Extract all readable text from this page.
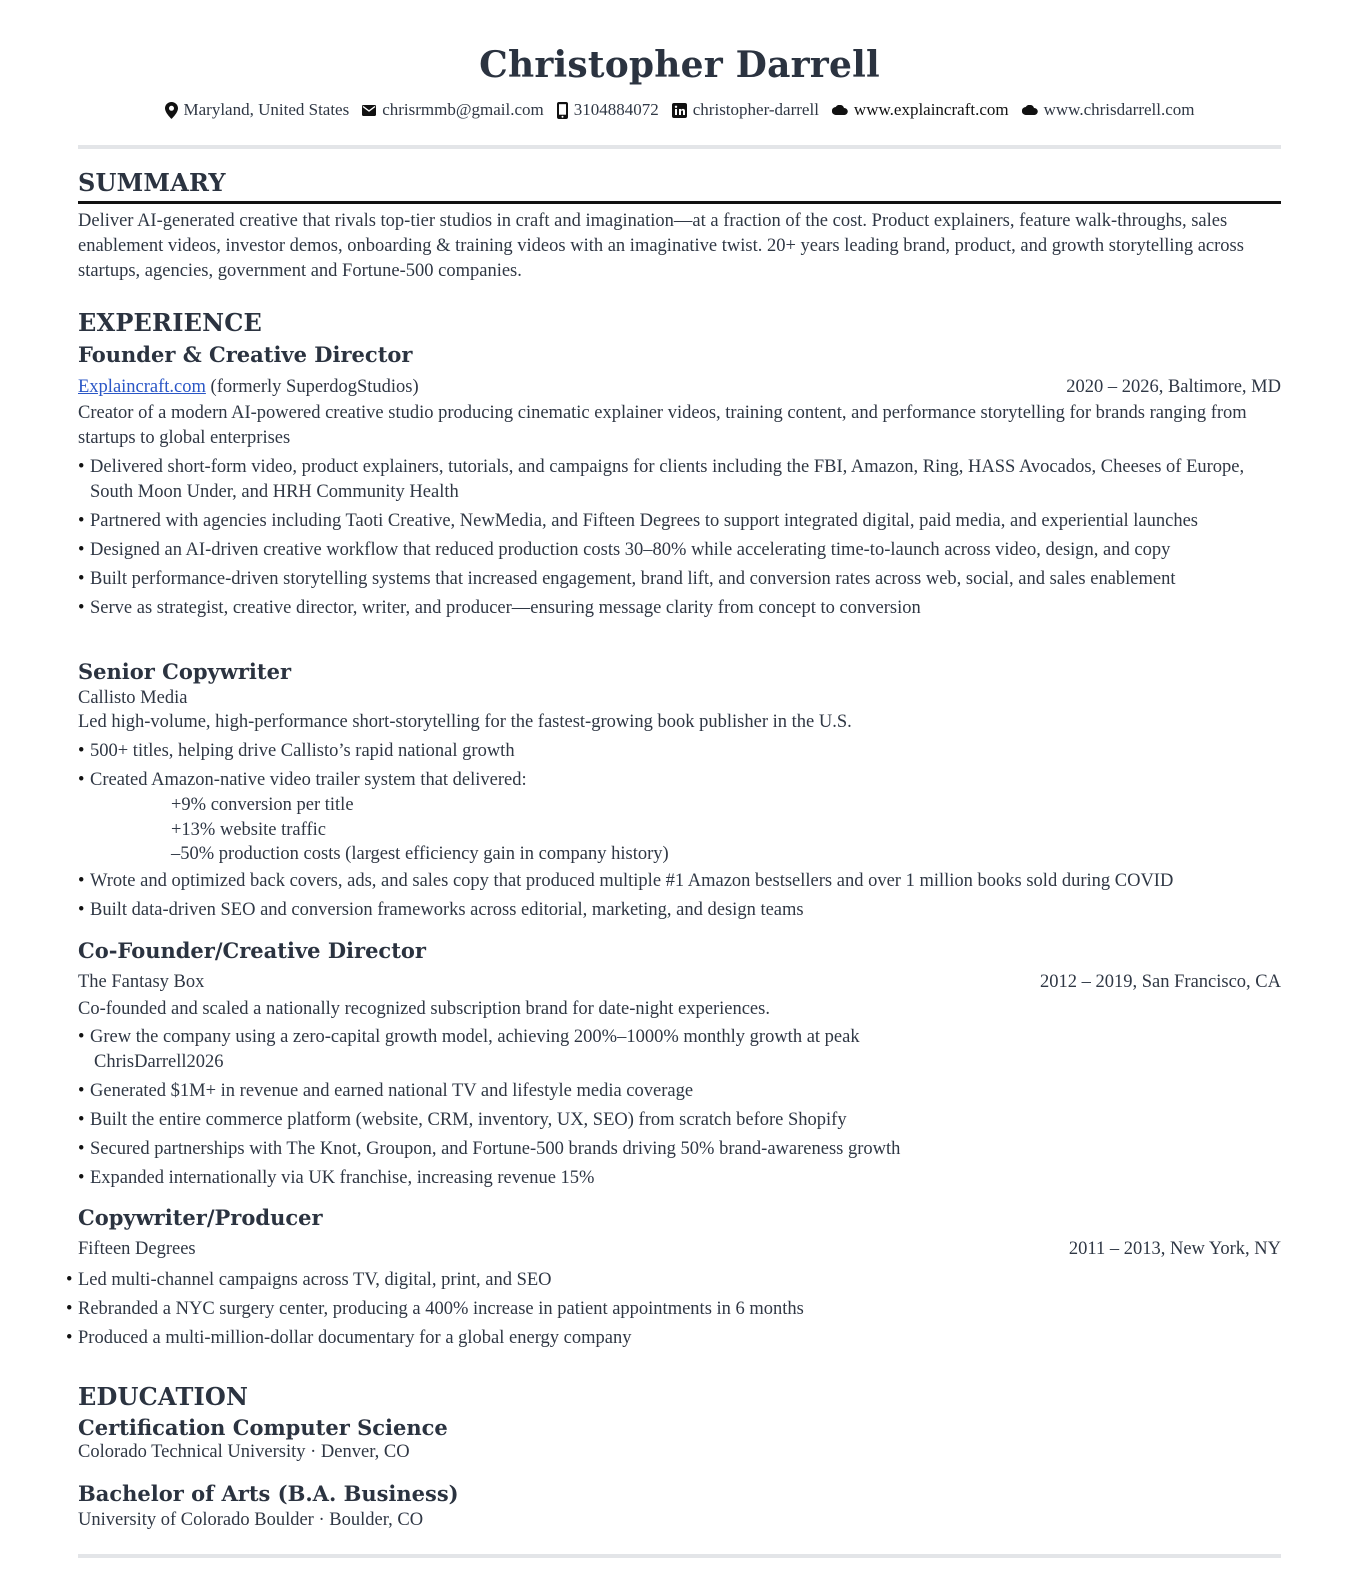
Christopher Darrell
Maryland, United States chrisrmmb@gmail.com 3104884072 christopher-darrell www.explaincraft.com www.chrisdarrell.com
SUMMARY
Deliver AI-generated creative that rivals top-tier studios in craft and imagination—at a fraction of the cost. Product explainers, feature walk-throughs, sales enablement videos, investor demos, onboarding & training videos with an imaginative twist. 20+ years leading brand, product, and growth storytelling across startups, agencies, government and Fortune-500 companies.
EXPERIENCE
Founder & Creative Director
Explaincraft.com (formerly SuperdogStudios)	2020 – 2026, Baltimore, MD
Creator of a modern AI-powered creative studio producing cinematic explainer videos, training content, and performance storytelling for brands ranging from startups to global enterprises
• Delivered short-form video, product explainers, tutorials, and campaigns for clients including the FBI, Amazon, Ring, HASS Avocados, Cheeses of Europe, South Moon Under, and HRH Community Health
• Partnered with agencies including Taoti Creative, NewMedia, and Fifteen Degrees to support integrated digital, paid media, and experiential launches
• Designed an AI-driven creative workflow that reduced production costs 30–80% while accelerating time-to-launch across video, design, and copy
• Built performance-driven storytelling systems that increased engagement, brand lift, and conversion rates across web, social, and sales enablement
• Serve as strategist, creative director, writer, and producer—ensuring message clarity from concept to conversion
Senior Copywriter
Callisto Media
Led high-volume, high-performance short-storytelling for the fastest-growing book publisher in the U.S.
• 500+ titles, helping drive Callisto’s rapid national growth
• Created Amazon-native video trailer system that delivered:
+9% conversion per title
+13% website traffic
–50% production costs (largest efficiency gain in company history)
• Wrote and optimized back covers, ads, and sales copy that produced multiple #1 Amazon bestsellers and over 1 million books sold during COVID
• Built data-driven SEO and conversion frameworks across editorial, marketing, and design teams
Co-Founder/Creative Director
The Fantasy Box	2012 – 2019, San Francisco, CA
Co-founded and scaled a nationally recognized subscription brand for date-night experiences.
• Grew the company using a zero-capital growth model, achieving 200%–1000% monthly growth at peak
ChrisDarrell2026
• Generated $1M+ in revenue and earned national TV and lifestyle media coverage
• Built the entire commerce platform (website, CRM, inventory, UX, SEO) from scratch before Shopify
• Secured partnerships with The Knot, Groupon, and Fortune-500 brands driving 50% brand-awareness growth
• Expanded internationally via UK franchise, increasing revenue 15%
Copywriter/Producer
Fifteen Degrees	2011 – 2013, New York, NY
• Led multi-channel campaigns across TV, digital, print, and SEO
• Rebranded a NYC surgery center, producing a 400% increase in patient appointments in 6 months
• Produced a multi-million-dollar documentary for a global energy company
EDUCATION
Certification Computer Science
Colorado Technical University · Denver, CO
Bachelor of Arts (B.A. Business)
University of Colorado Boulder · Boulder, CO
